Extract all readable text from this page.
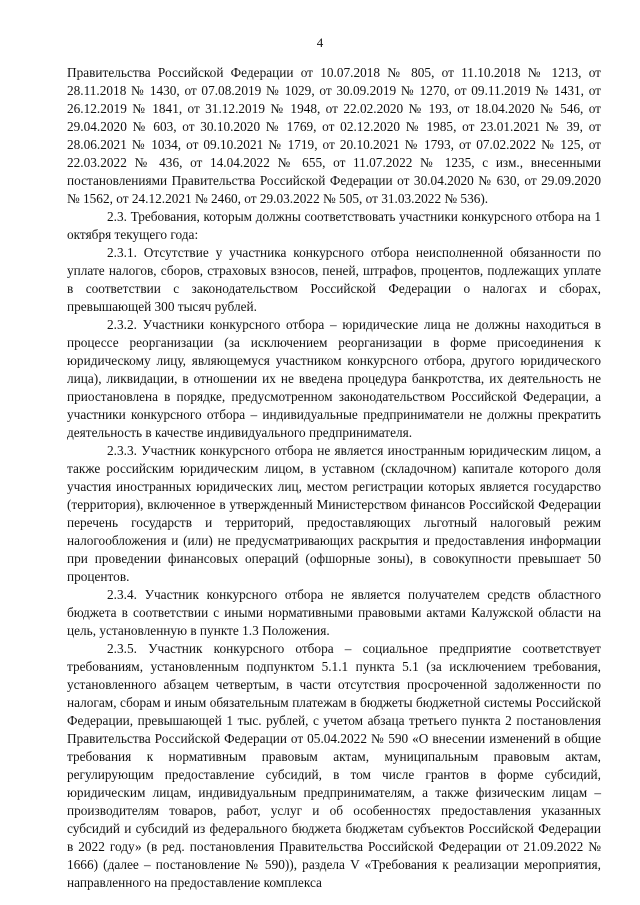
4

Правительства Российской Федерации от 10.07.2018 № 805, от 11.10.2018 № 1213, от 28.11.2018 № 1430, от 07.08.2019 № 1029, от 30.09.2019 № 1270, от 09.11.2019 № 1431, от 26.12.2019 № 1841, от 31.12.2019 № 1948, от 22.02.2020 № 193, от 18.04.2020 № 546, от 29.04.2020 № 603, от 30.10.2020 № 1769, от 02.12.2020 № 1985, от 23.01.2021 № 39, от 28.06.2021 № 1034, от 09.10.2021 № 1719, от 20.10.2021 № 1793, от 07.02.2022 № 125, от 22.03.2022 № 436, от 14.04.2022 № 655, от 11.07.2022 № 1235, с изм., внесенными постановлениями Правительства Российской Федерации от 30.04.2020 № 630, от 29.09.2020 № 1562, от 24.12.2021 № 2460, от 29.03.2022 № 505, от 31.03.2022 № 536).

2.3. Требования, которым должны соответствовать участники конкурсного отбора на 1 октября текущего года:

2.3.1. Отсутствие у участника конкурсного отбора неисполненной обязанности по уплате налогов, сборов, страховых взносов, пеней, штрафов, процентов, подлежащих уплате в соответствии с законодательством Российской Федерации о налогах и сборах, превышающей 300 тысяч рублей.

2.3.2. Участники конкурсного отбора – юридические лица не должны находиться в процессе реорганизации (за исключением реорганизации в форме присоединения к юридическому лицу, являющемуся участником конкурсного отбора, другого юридического лица), ликвидации, в отношении их не введена процедура банкротства, их деятельность не приостановлена в порядке, предусмотренном законодательством Российской Федерации, а участники конкурсного отбора – индивидуальные предприниматели не должны прекратить деятельность в качестве индивидуального предпринимателя.

2.3.3. Участник конкурсного отбора не является иностранным юридическим лицом, а также российским юридическим лицом, в уставном (складочном) капитале которого доля участия иностранных юридических лиц, местом регистрации которых является государство (территория), включенное в утвержденный Министерством финансов Российской Федерации перечень государств и территорий, предоставляющих льготный налоговый режим налогообложения и (или) не предусматривающих раскрытия и предоставления информации при проведении финансовых операций (офшорные зоны), в совокупности превышает 50 процентов.

2.3.4. Участник конкурсного отбора не является получателем средств областного бюджета в соответствии с иными нормативными правовыми актами Калужской области на цель, установленную в пункте 1.3 Положения.

2.3.5. Участник конкурсного отбора – социальное предприятие соответствует требованиям, установленным подпунктом 5.1.1 пункта 5.1 (за исключением требования, установленного абзацем четвертым, в части отсутствия просроченной задолженности по налогам, сборам и иным обязательным платежам в бюджеты бюджетной системы Российской Федерации, превышающей 1 тыс. рублей, с учетом абзаца третьего пункта 2 постановления Правительства Российской Федерации от 05.04.2022 № 590 «О внесении изменений в общие требования к нормативным правовым актам, муниципальным правовым актам, регулирующим предоставление субсидий, в том числе грантов в форме субсидий, юридическим лицам, индивидуальным предпринимателям, а также физическим лицам – производителям товаров, работ, услуг и об особенностях предоставления указанных субсидий и субсидий из федерального бюджета бюджетам субъектов Российской Федерации в 2022 году» (в ред. постановления Правительства Российской Федерации от 21.09.2022 № 1666) (далее – постановление № 590)), раздела V «Требования к реализации мероприятия, направленного на предоставление комплекса
